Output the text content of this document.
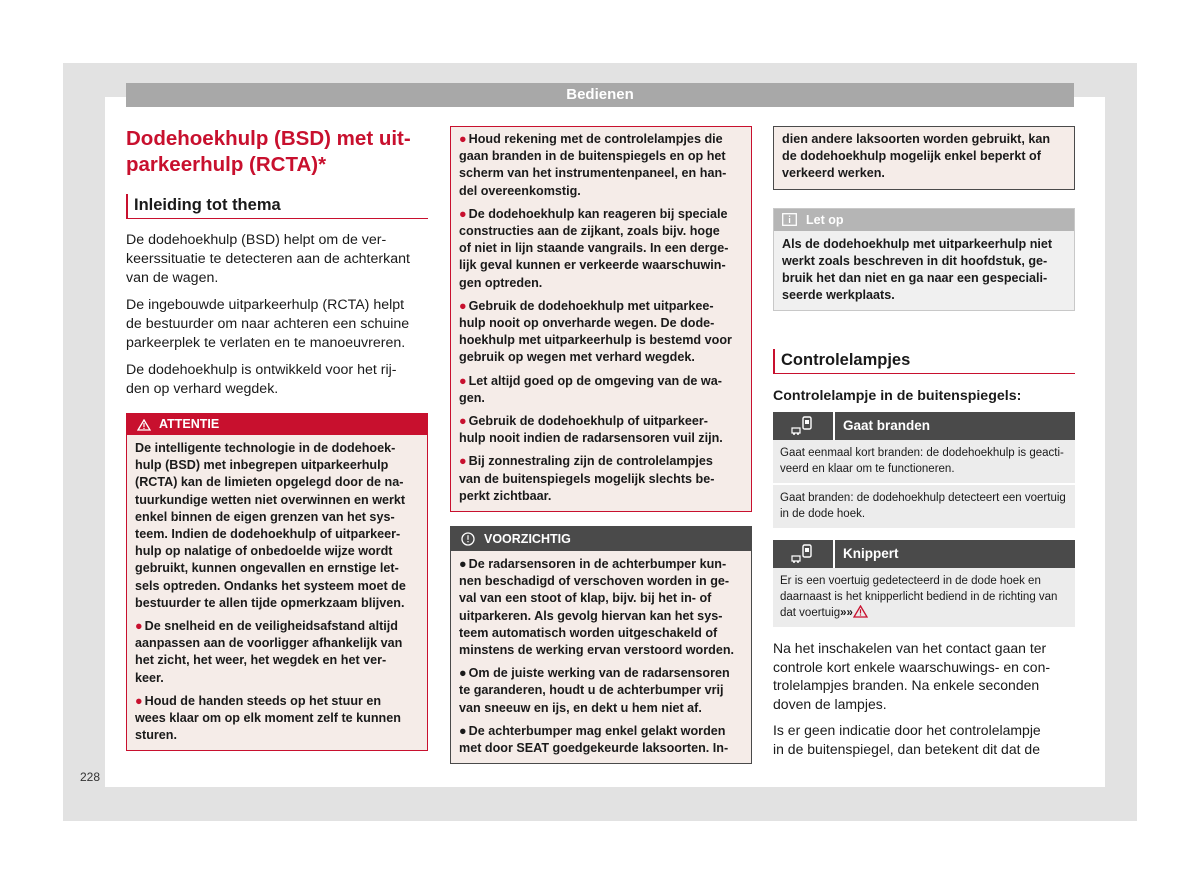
Bedienen
Dodehoekhulp (BSD) met uit-
parkeerhulp (RCTA)*
Inleiding tot thema

De dodehoekhulp (BSD) helpt om de ver-
keerssituatie te detecteren aan de achterkant
van de wagen.

De ingebouwde uitparkeerhulp (RCTA) helpt
de bestuurder om naar achteren een schuine
parkeerplek te verlaten en te manoeuvreren.

De dodehoekhulp is ontwikkeld voor het rij-
den op verhard wegdek.

ATTENTIE

De intelligente technologie in de dodehoek-
hulp (BSD) met inbegrepen uitparkeerhulp
(RCTA) kan de limieten opgelegd door de na-
tuurkundige wetten niet overwinnen en werkt
enkel binnen de eigen grenzen van het sys-
teem. Indien de dodehoekhulp of uitparkeer-
hulp op nalatige of onbedoelde wijze wordt
gebruikt, kunnen ongevallen en ernstige let-
sels optreden. Ondanks het systeem moet de
bestuurder te allen tijde opmerkzaam blijven.

● De snelheid en de veiligheidsafstand altijd
aanpassen aan de voorligger afhankelijk van
het zicht, het weer, het wegdek en het ver-
keer.

● Houd de handen steeds op het stuur en
wees klaar om op elk moment zelf te kunnen
sturen.

● Houd rekening met de controlelampjes die
gaan branden in de buitenspiegels en op het
scherm van het instrumentenpaneel, en han-
del overeenkomstig.

● De dodehoekhulp kan reageren bij speciale
constructies aan de zijkant, zoals bijv. hoge
of niet in lijn staande vangrails. In een derge-
lijk geval kunnen er verkeerde waarschuwin-
gen optreden.

● Gebruik de dodehoekhulp met uitparkee-
hulp nooit op onverharde wegen. De dode-
hoekhulp met uitparkeerhulp is bestemd voor
gebruik op wegen met verhard wegdek.

● Let altijd goed op de omgeving van de wa-
gen.

● Gebruik de dodehoekhulp of uitparkeer-
hulp nooit indien de radarsensoren vuil zijn.

● Bij zonnestraling zijn de controlelampjes
van de buitenspiegels mogelijk slechts be-
perkt zichtbaar.

VOORZICHTIG

● De radarsensoren in de achterbumper kun-
nen beschadigd of verschoven worden in ge-
val van een stoot of klap, bijv. bij het in- of
uitparkeren. Als gevolg hiervan kan het sys-
teem automatisch worden uitgeschakeld of
minstens de werking ervan verstoord worden.

● Om de juiste werking van de radarsensoren
te garanderen, houdt u de achterbumper vrij
van sneeuw en ijs, en dekt u hem niet af.

● De achterbumper mag enkel gelakt worden
met door SEAT goedgekeurde laksoorten. In-

dien andere laksoorten worden gebruikt, kan
de dodehoekhulp mogelijk enkel beperkt of
verkeerd werken.

Let op

Als de dodehoekhulp met uitparkeerhulp niet
werkt zoals beschreven in dit hoofdstuk, ge-
bruik het dan niet en ga naar een gespeciali-
seerde werkplaats.

Controlelampjes
Controlelampje in de buitenspiegels:
Gaat branden
Gaat eenmaal kort branden: de dodehoekhulp is geacti-
veerd en klaar om te functioneren.
Gaat branden: de dodehoekhulp detecteert een voertuig
in de dode hoek.
Knippert
Er is een voertuig gedetecteerd in de dode hoek en
daarnaast is het knipperlicht bediend in de richting van
dat voertuig»»

Na het inschakelen van het contact gaan ter
controle kort enkele waarschuwings- en con-
trolelampjes branden. Na enkele seconden
doven de lampjes.

Is er geen indicatie door het controlelampje
in de buitenspiegel, dan betekent dit dat de

228
